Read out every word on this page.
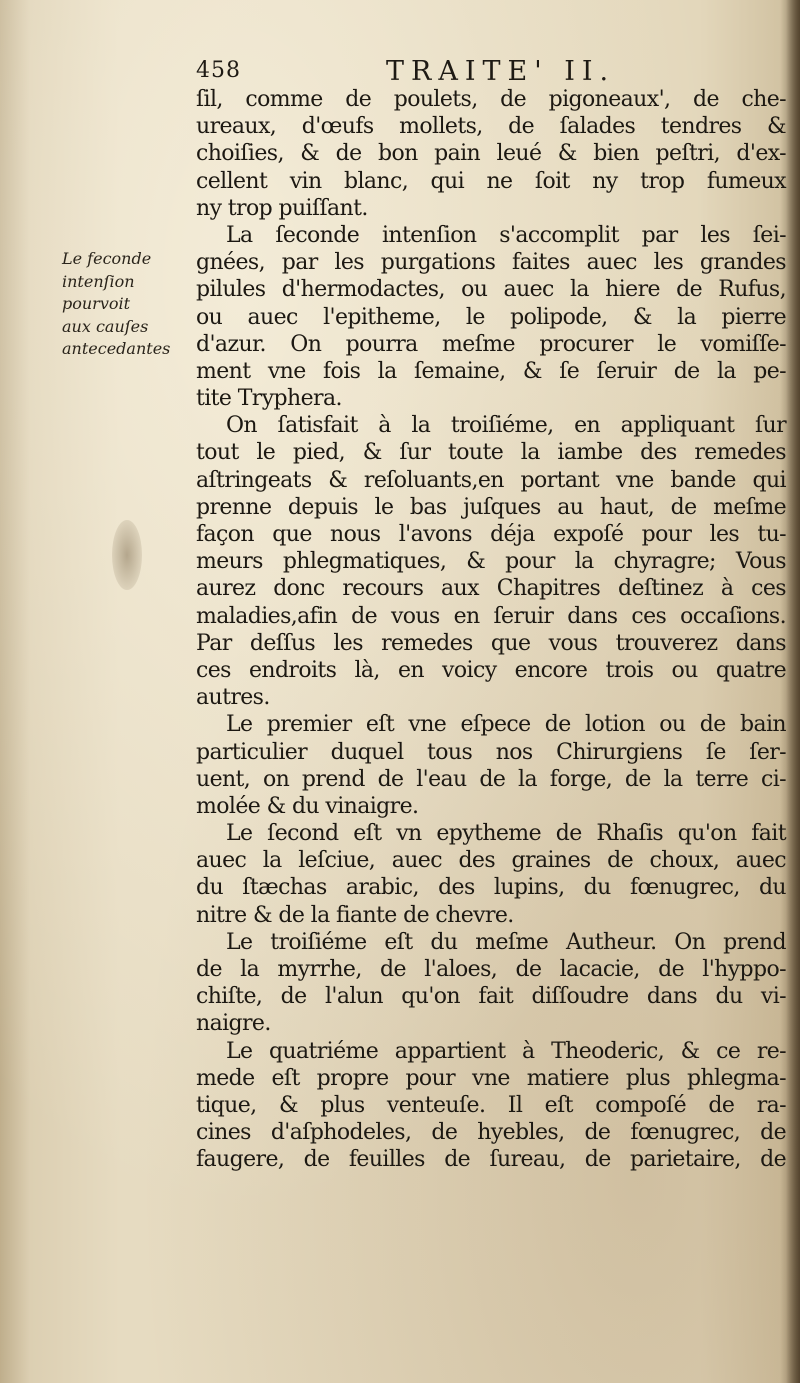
458	TRAITE' II.
Le feconde
intenſion
pourvoit
aux cauſes
antecedantes
ſil, comme de poulets, de pigoneaux', de che-
ureaux, d'œufs mollets, de ſalades tendres &
choiſies, & de bon pain leué & bien peſtri, d'ex-
cellent vin blanc, qui ne ſoit ny trop fumeux
ny trop puiſſant.
La ſeconde intenſion s'accomplit par les ſei-
gnées, par les purgations faites auec les grandes
pilules d'hermodactes, ou auec la hiere de Rufus,
ou auec l'epitheme, le polipode, & la pierre
d'azur. On pourra meſme procurer le vomiſſe-
ment vne fois la ſemaine, & ſe ſeruir de la pe-
tite Tryphera.
On ſatisfait à la troiſiéme, en appliquant ſur
tout le pied, & ſur toute la iambe des remedes
aſtringeats & reſoluants,en portant vne bande qui
prenne depuis le bas juſques au haut, de meſme
façon que nous l'avons déja expoſé pour les tu-
meurs phlegmatiques, & pour la chyragre; Vous
aurez donc recours aux Chapitres deſtinez à ces
maladies,afin de vous en ſeruir dans ces occaſions.
Par deſſus les remedes que vous trouverez dans
ces endroits là, en voicy encore trois ou quatre
autres.
Le premier eſt vne eſpece de lotion ou de bain
particulier duquel tous nos Chirurgiens ſe ſer-
uent, on prend de l'eau de la forge, de la terre ci-
molée & du vinaigre.
Le ſecond eſt vn epytheme de Rhaſis qu'on fait
auec la leſciue, auec des graines de choux, auec
du ſtæchas arabic, des lupins, du fœnugrec, du
nitre & de la fiante de chevre.
Le troiſiéme eſt du meſme Autheur. On prend
de la myrrhe, de l'aloes, de lacacie, de l'hyppo-
chiſte, de l'alun qu'on fait diſſoudre dans du vi-
naigre.
Le quatriéme appartient à Theoderic, & ce re-
mede eſt propre pour vne matiere plus phlegma-
tique, & plus venteuſe. Il eſt compoſé de ra-
cines d'aſphodeles, de hyebles, de fœnugrec, de
faugere, de feuilles de ſureau, de parietaire, de
